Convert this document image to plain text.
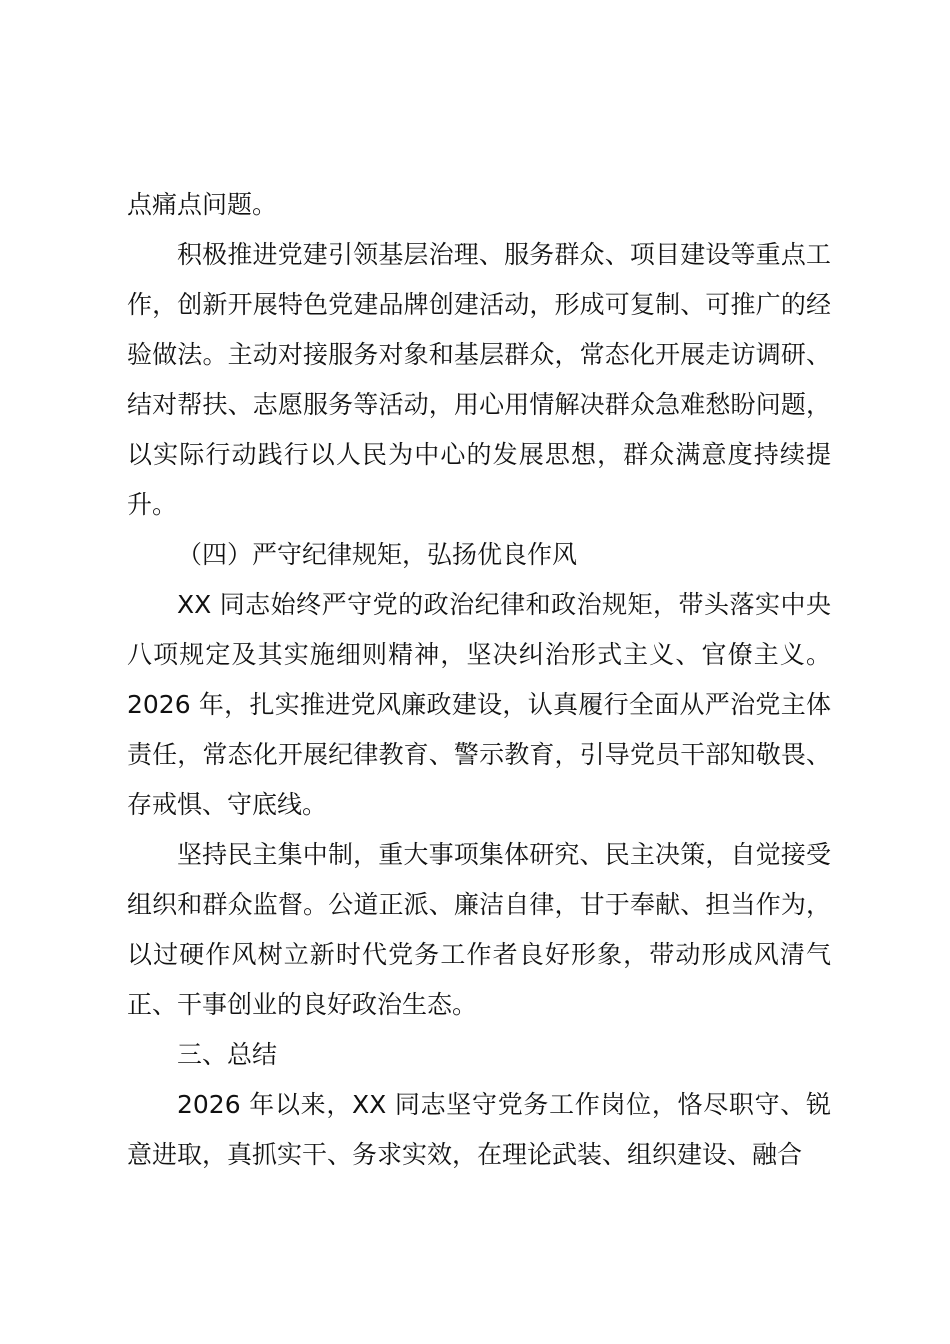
点痛点问题。

积极推进党建引领基层治理、服务群众、项目建设等重点工作，创新开展特色党建品牌创建活动，形成可复制、可推广的经验做法。主动对接服务对象和基层群众，常态化开展走访调研、结对帮扶、志愿服务等活动，用心用情解决群众急难愁盼问题，以实际行动践行以人民为中心的发展思想，群众满意度持续提升。

（四）严守纪律规矩，弘扬优良作风

XX 同志始终严守党的政治纪律和政治规矩，带头落实中央八项规定及其实施细则精神，坚决纠治形式主义、官僚主义。2026 年，扎实推进党风廉政建设，认真履行全面从严治党主体责任，常态化开展纪律教育、警示教育，引导党员干部知敬畏、存戒惧、守底线。

坚持民主集中制，重大事项集体研究、民主决策，自觉接受组织和群众监督。公道正派、廉洁自律，甘于奉献、担当作为，以过硬作风树立新时代党务工作者良好形象，带动形成风清气正、干事创业的良好政治生态。

三、总结

2026 年以来，XX 同志坚守党务工作岗位，恪尽职守、锐意进取，真抓实干、务求实效，在理论武装、组织建设、融合
